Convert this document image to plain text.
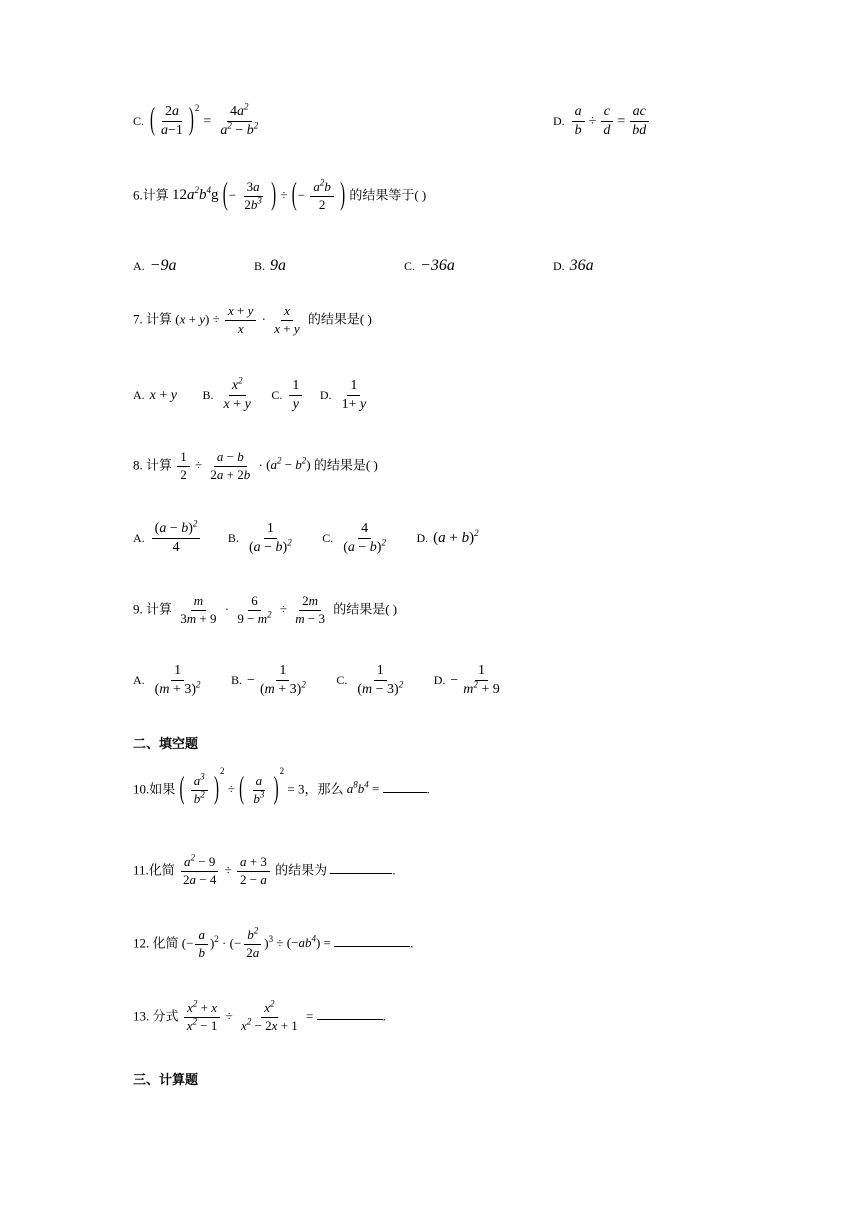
C. ( $\frac{2a}{a-1} )^2$
= $\frac{4a^2}{a^2 - b^2}$	D. $\frac{a}{b} \div \frac{c}{d} = \frac{ac}{bd}$
6.计算 $12a^2b^4g$ (− $\frac{3a}{2b^3}$ ) ÷ (− $\frac{a^2b}{2}$ ) 的结果等于( )
A. −9a	B. 9a	C. −36a	D. 36a
7. 计算 $(x + y) \div \frac{x + y}{x} \cdot \frac{x}{x + y}$ 的结果是( )
A. x + y
B. $\frac{x^2}{x + y}$
C. $\frac{1}{y}$
D. $\frac{1}{1+ y}$
8. 计算 $\frac{1}{2} \div \frac{a - b}{2a + 2b} \cdot (a^2 - b^2)$ 的结果是( )
A. $\frac{(a - b)^2}{4}$
B. $\frac{1}{(a - b)^2}$
C. $\frac{4}{(a - b)^2}$
D. $(a + b)^2$
9. 计算 $\frac{m}{3m + 9} \cdot \frac{6}{9 - m^2} \div \frac{2m}{m - 3}$ 的结果是( )
A. $\frac{1}{(m + 3)^2}$
B. − $\frac{1}{(m + 3)^2}$
C. $\frac{1}{(m - 3)^2}$
D. − $\frac{1}{m^2 + 9}$
二、填空题
10.如果 ( $\frac{a^3}{b^2} )^2$ ÷ ( $\frac{a}{b^3} )^2 = 3$，那么 $a^8b^4$ =	.
11.化简 $\frac{a^2 - 9}{2a - 4} \div \frac{a + 3}{2 - a}$ 的结果为	.
12. 化简 (− $\frac{a}{b} )^2$ · (− $\frac{b^2}{2a} )^3 \div (-ab^4)$ =	.
13. 分式 $\frac{x^2 + x}{x^2 - 1} \div \frac{x^2}{x^2 - 2x + 1}$ =	.
三、计算题
